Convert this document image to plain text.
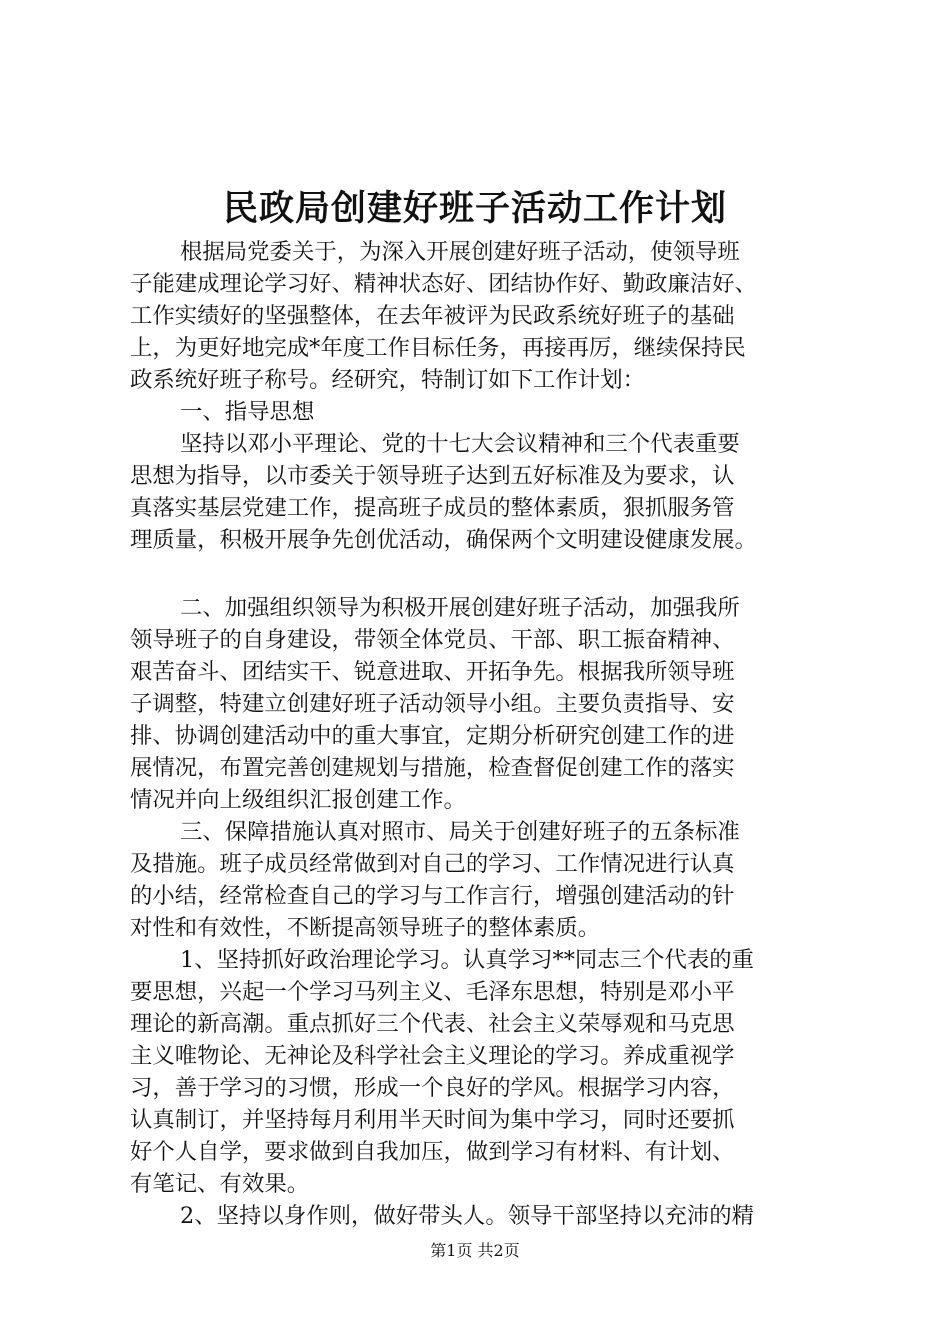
民政局创建好班子活动工作计划
根据局党委关于，为深入开展创建好班子活动，使领导班
子能建成理论学习好、精神状态好、团结协作好、勤政廉洁好、
工作实绩好的坚强整体，在去年被评为民政系统好班子的基础
上，为更好地完成*年度工作目标任务，再接再厉，继续保持民
政系统好班子称号。经研究，特制订如下工作计划：
一、指导思想
坚持以邓小平理论、党的十七大会议精神和三个代表重要
思想为指导，以市委关于领导班子达到五好标准及为要求，认
真落实基层党建工作，提高班子成员的整体素质，狠抓服务管
理质量，积极开展争先创优活动，确保两个文明建设健康发展。
二、加强组织领导为积极开展创建好班子活动，加强我所
领导班子的自身建设，带领全体党员、干部、职工振奋精神、
艰苦奋斗、团结实干、锐意进取、开拓争先。根据我所领导班
子调整，特建立创建好班子活动领导小组。主要负责指导、安
排、协调创建活动中的重大事宜，定期分析研究创建工作的进
展情况，布置完善创建规划与措施，检查督促创建工作的落实
情况并向上级组织汇报创建工作。
三、保障措施认真对照市、局关于创建好班子的五条标准
及措施。班子成员经常做到对自己的学习、工作情况进行认真
的小结，经常检查自己的学习与工作言行，增强创建活动的针
对性和有效性，不断提高领导班子的整体素质。
1、坚持抓好政治理论学习。认真学习**同志三个代表的重
要思想，兴起一个学习马列主义、毛泽东思想，特别是邓小平
理论的新高潮。重点抓好三个代表、社会主义荣辱观和马克思
主义唯物论、无神论及科学社会主义理论的学习。养成重视学
习，善于学习的习惯，形成一个良好的学风。根据学习内容，
认真制订，并坚持每月利用半天时间为集中学习，同时还要抓
好个人自学，要求做到自我加压，做到学习有材料、有计划、
有笔记、有效果。
2、坚持以身作则，做好带头人。领导干部坚持以充沛的精
第1页 共2页
